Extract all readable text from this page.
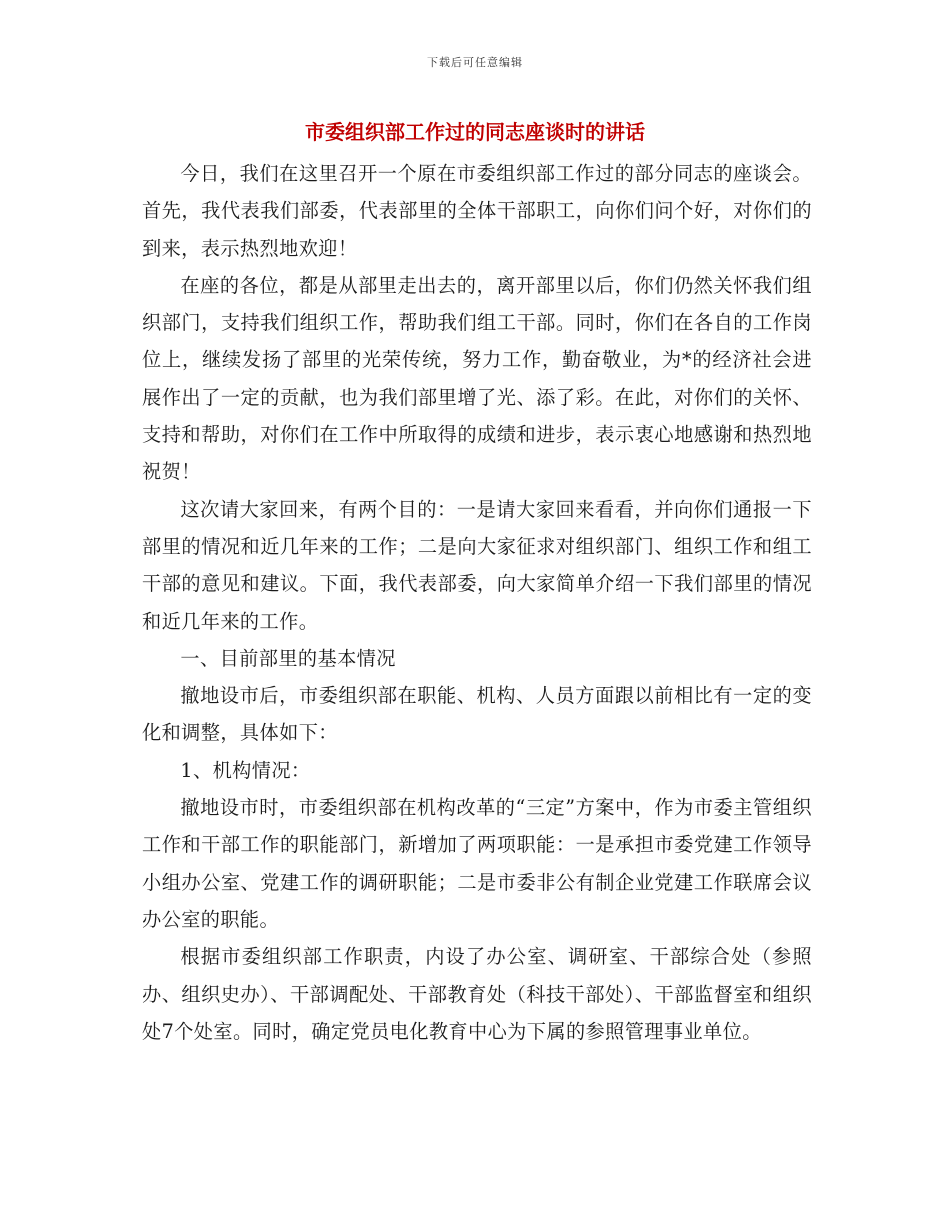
下载后可任意编辑
市委组织部工作过的同志座谈时的讲话

今日，我们在这里召开一个原在市委组织部工作过的部分同志的座谈会。首先，我代表我们部委，代表部里的全体干部职工，向你们问个好，对你们的到来，表示热烈地欢迎！

在座的各位，都是从部里走出去的，离开部里以后，你们仍然关怀我们组织部门，支持我们组织工作，帮助我们组工干部。同时，你们在各自的工作岗位上，继续发扬了部里的光荣传统，努力工作，勤奋敬业，为*的经济社会进展作出了一定的贡献，也为我们部里增了光、添了彩。在此，对你们的关怀、支持和帮助，对你们在工作中所取得的成绩和进步，表示衷心地感谢和热烈地祝贺！

这次请大家回来，有两个目的：一是请大家回来看看，并向你们通报一下部里的情况和近几年来的工作；二是向大家征求对组织部门、组织工作和组工干部的意见和建议。下面，我代表部委，向大家简单介绍一下我们部里的情况和近几年来的工作。

一、目前部里的基本情况

撤地设市后，市委组织部在职能、机构、人员方面跟以前相比有一定的变化和调整，具体如下：

1、机构情况：

撤地设市时，市委组织部在机构改革的“三定”方案中，作为市委主管组织工作和干部工作的职能部门，新增加了两项职能：一是承担市委党建工作领导小组办公室、党建工作的调研职能；二是市委非公有制企业党建工作联席会议办公室的职能。

根据市委组织部工作职责，内设了办公室、调研室、干部综合处（参照办、组织史办）、干部调配处、干部教育处（科技干部处）、干部监督室和组织处7个处室。同时，确定党员电化教育中心为下属的参照管理事业单位。
